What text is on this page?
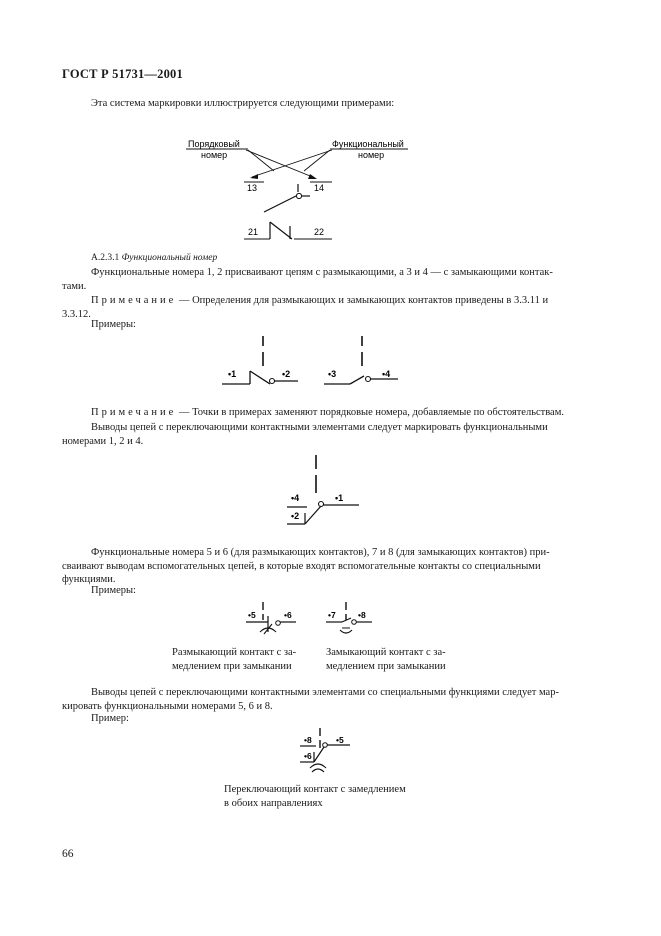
ГОСТ Р 51731—2001
Эта система маркировки иллюстрируется следующими примерами:
Порядковый
номер
Функциональный
номер
13	14
21	22
А.2.3.1 Функциональный номер
Функциональные номера 1, 2 присваивают цепям с размыкающими, а 3 и 4 — с замыкающими контак-
тами.
Примечание — Определения для размыкающих и замыкающих контактов приведены в 3.3.11 и
3.3.12.
Примеры:
•1	•2	•3	•4
Примечание — Точки в примерах заменяют порядковые номера, добавляемые по обстоятельствам.
Выводы цепей с переключающими контактными элементами следует маркировать функциональными
номерами 1, 2 и 4.
•4	•1
•2
Функциональные номера 5 и 6 (для размыкающих контактов), 7 и 8 (для замыкающих контактов) при-
сваивают выводам вспомогательных цепей, в которые входят вспомогательные контакты со специальными
функциями.
Примеры:
•5	•6	•7	•8
Размыкающий контакт с за-
медлением при замыкании
Замыкающий контакт с за-
медлением при замыкании
Выводы цепей с переключающими контактными элементами со специальными функциями следует мар-
кировать функциональными номерами 5, 6 и 8.
Пример:
•8	•5
•6
Переключающий контакт с замедлением
в обоих направлениях
66
